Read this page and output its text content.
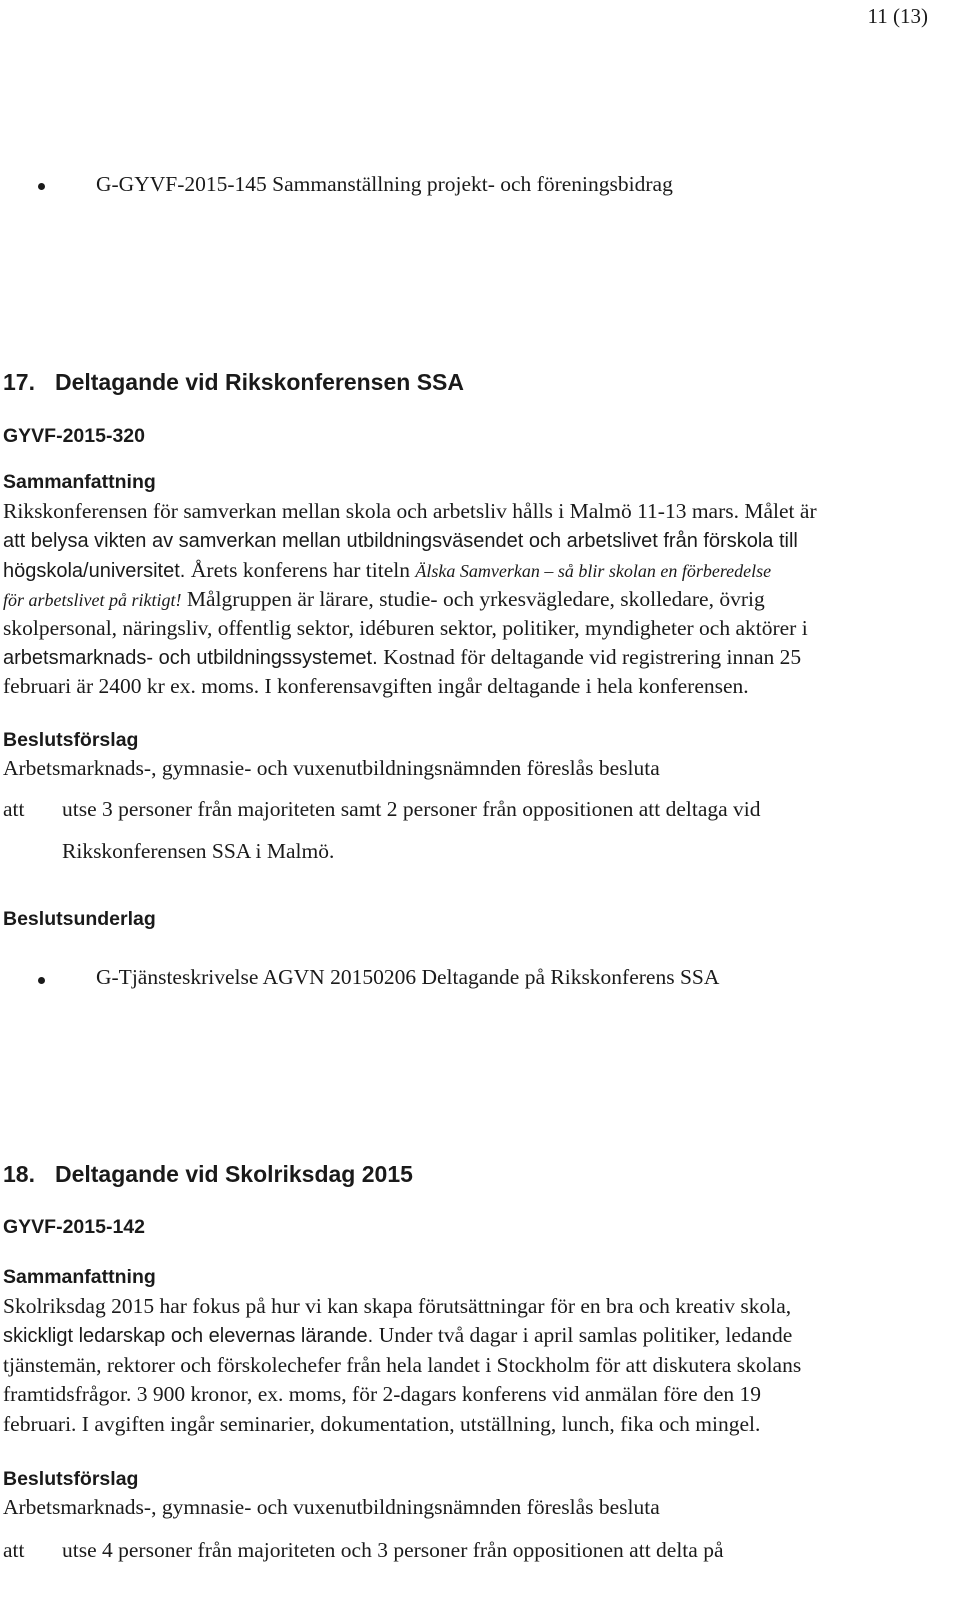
11 (13)
G-GYVF-2015-145 Sammanställning projekt- och föreningsbidrag
17. Deltagande vid Rikskonferensen SSA
GYVF-2015-320
Sammanfattning
Rikskonferensen för samverkan mellan skola och arbetsliv hålls i Malmö 11-13 mars. Målet är
att belysa vikten av samverkan mellan utbildningsväsendet och arbetslivet från förskola till
högskola/universitet. Årets konferens har titeln Älska Samverkan – så blir skolan en förberedelse
för arbetslivet på riktigt! Målgruppen är lärare, studie- och yrkesvägledare, skolledare, övrig
skolpersonal, näringsliv, offentlig sektor, idéburen sektor, politiker, myndigheter och aktörer i
arbetsmarknads- och utbildningssystemet. Kostnad för deltagande vid registrering innan 25
februari är 2400 kr ex. moms. I konferensavgiften ingår deltagande i hela konferensen.
Beslutsförslag
Arbetsmarknads-, gymnasie- och vuxenutbildningsnämnden föreslås besluta
att utse 3 personer från majoriteten samt 2 personer från oppositionen att deltaga vid
Rikskonferensen SSA i Malmö.
Beslutsunderlag
G-Tjänsteskrivelse AGVN 20150206 Deltagande på Rikskonferens SSA
18. Deltagande vid Skolriksdag 2015
GYVF-2015-142
Sammanfattning
Skolriksdag 2015 har fokus på hur vi kan skapa förutsättningar för en bra och kreativ skola,
skickligt ledarskap och elevernas lärande. Under två dagar i april samlas politiker, ledande
tjänstemän, rektorer och förskolechefer från hela landet i Stockholm för att diskutera skolans
framtidsfrågor. 3 900 kronor, ex. moms, för 2-dagars konferens vid anmälan före den 19
februari. I avgiften ingår seminarier, dokumentation, utställning, lunch, fika och mingel.
Beslutsförslag
Arbetsmarknads-, gymnasie- och vuxenutbildningsnämnden föreslås besluta
att utse 4 personer från majoriteten och 3 personer från oppositionen att delta på
